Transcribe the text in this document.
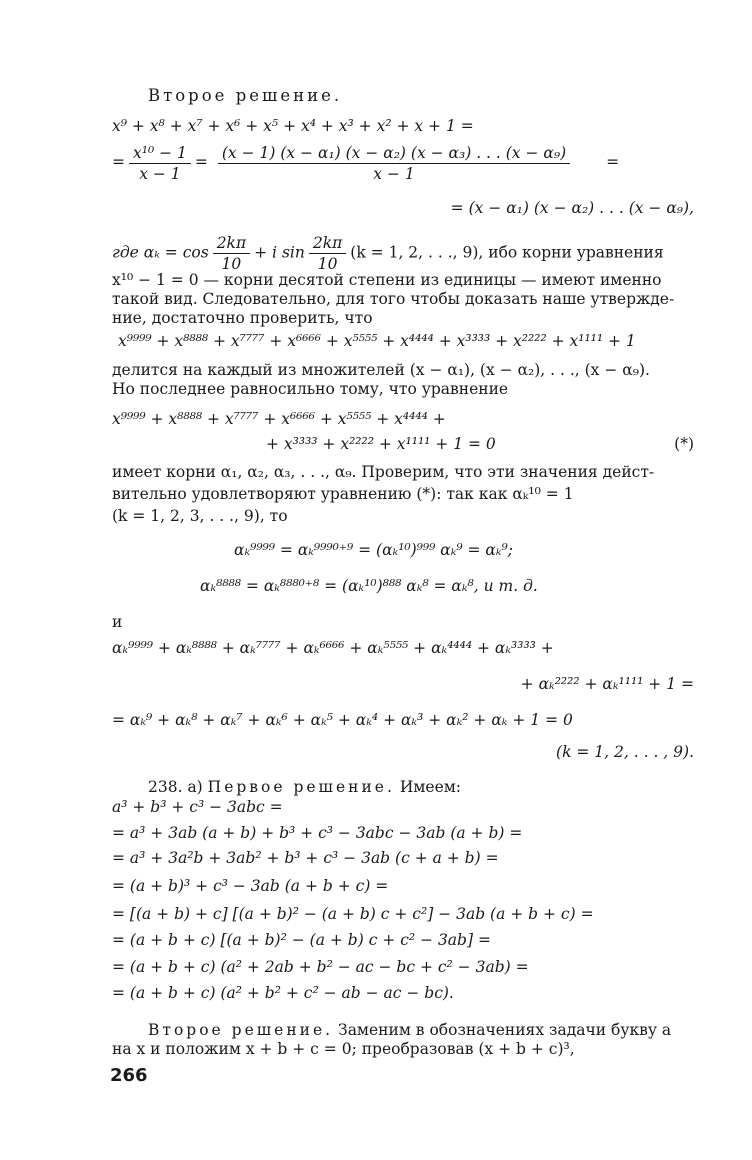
Второе решение.
x⁹ + x⁸ + x⁷ + x⁶ + x⁵ + x⁴ + x³ + x² + x + 1 =
= $\frac{\text{x¹⁰ − 1}}{x - 1} = \frac{\text{(x − 1) (x − α₁) (x − α₂) (x − α₃) . . . (x − α₉)}}{x - 1}$ =
= (x − α₁) (x − α₂) . . . (x − α₉),
где $\alpha_k = \cos \frac{2k\pi}{10} + i$ $\sin \frac{2k\pi}{10} (k = 1$, 2, . . ., 9), ибо корни уравнения
x¹⁰ − 1 = 0 — корни десятой степени из единицы — имеют именно
такой вид. Следовательно, для того чтобы доказать наше утвержде-
ние, достаточно проверить, что
x⁹⁹⁹⁹ + x⁸⁸⁸⁸ + x⁷⁷⁷⁷ + x⁶⁶⁶⁶ + x⁵⁵⁵⁵ + x⁴⁴⁴⁴ + x³³³³ + x²²²² + x¹¹¹¹ + 1
делится на каждый из множителей (x − α₁), (x − α₂), . . ., (x − α₉).
Но последнее равносильно тому, что уравнение
x⁹⁹⁹⁹ + x⁸⁸⁸⁸ + x⁷⁷⁷⁷ + x⁶⁶⁶⁶ + x⁵⁵⁵⁵ + x⁴⁴⁴⁴ +
+ x³³³³ + x²²²² + x¹¹¹¹ + 1 = 0	(*)
имеет корни α₁, α₂, α₃, . . ., α₉. Проверим, что эти значения дейст-
вительно удовлетворяют уравнению (*): так как αₖ¹⁰ = 1
(k = 1, 2, 3, . . ., 9), то
αₖ⁹⁹⁹⁹ = αₖ⁹⁹⁹⁰⁺⁹ = (αₖ¹⁰)⁹⁹⁹ αₖ⁹ = αₖ⁹;
αₖ⁸⁸⁸⁸ = αₖ⁸⁸⁸⁰⁺⁸ = (αₖ¹⁰)⁸⁸⁸ αₖ⁸ = αₖ⁸, и т. д.
и
αₖ⁹⁹⁹⁹ + αₖ⁸⁸⁸⁸ + αₖ⁷⁷⁷⁷ + αₖ⁶⁶⁶⁶ + αₖ⁵⁵⁵⁵ + αₖ⁴⁴⁴⁴ + αₖ³³³³ +
+ αₖ²²²² + αₖ¹¹¹¹ + 1 =
= αₖ⁹ + αₖ⁸ + αₖ⁷ + αₖ⁶ + αₖ⁵ + αₖ⁴ + αₖ³ + αₖ² + αₖ + 1 = 0
(k = 1, 2, . . . , 9).
238. а) Первое решение. Имеем:
a³ + b³ + c³ − 3abc =
= a³ + 3ab (a + b) + b³ + c³ − 3abc − 3ab (a + b) =
= a³ + 3a²b + 3ab² + b³ + c³ − 3ab (c + a + b) =
= (a + b)³ + c³ − 3ab (a + b + c) =
= [(a + b) + c] [(a + b)² − (a + b) c + c²] − 3ab (a + b + c) =
= (a + b + c) [(a + b)² − (a + b) c + c² − 3ab] =
= (a + b + c) (a² + 2ab + b² − ac − bc + c² − 3ab) =
= (a + b + c) (a² + b² + c² − ab − ac − bc).
Второе решение. Заменим в обозначениях задачи букву a
на x и положим x + b + c = 0; преобразовав (x + b + c)³,
266
